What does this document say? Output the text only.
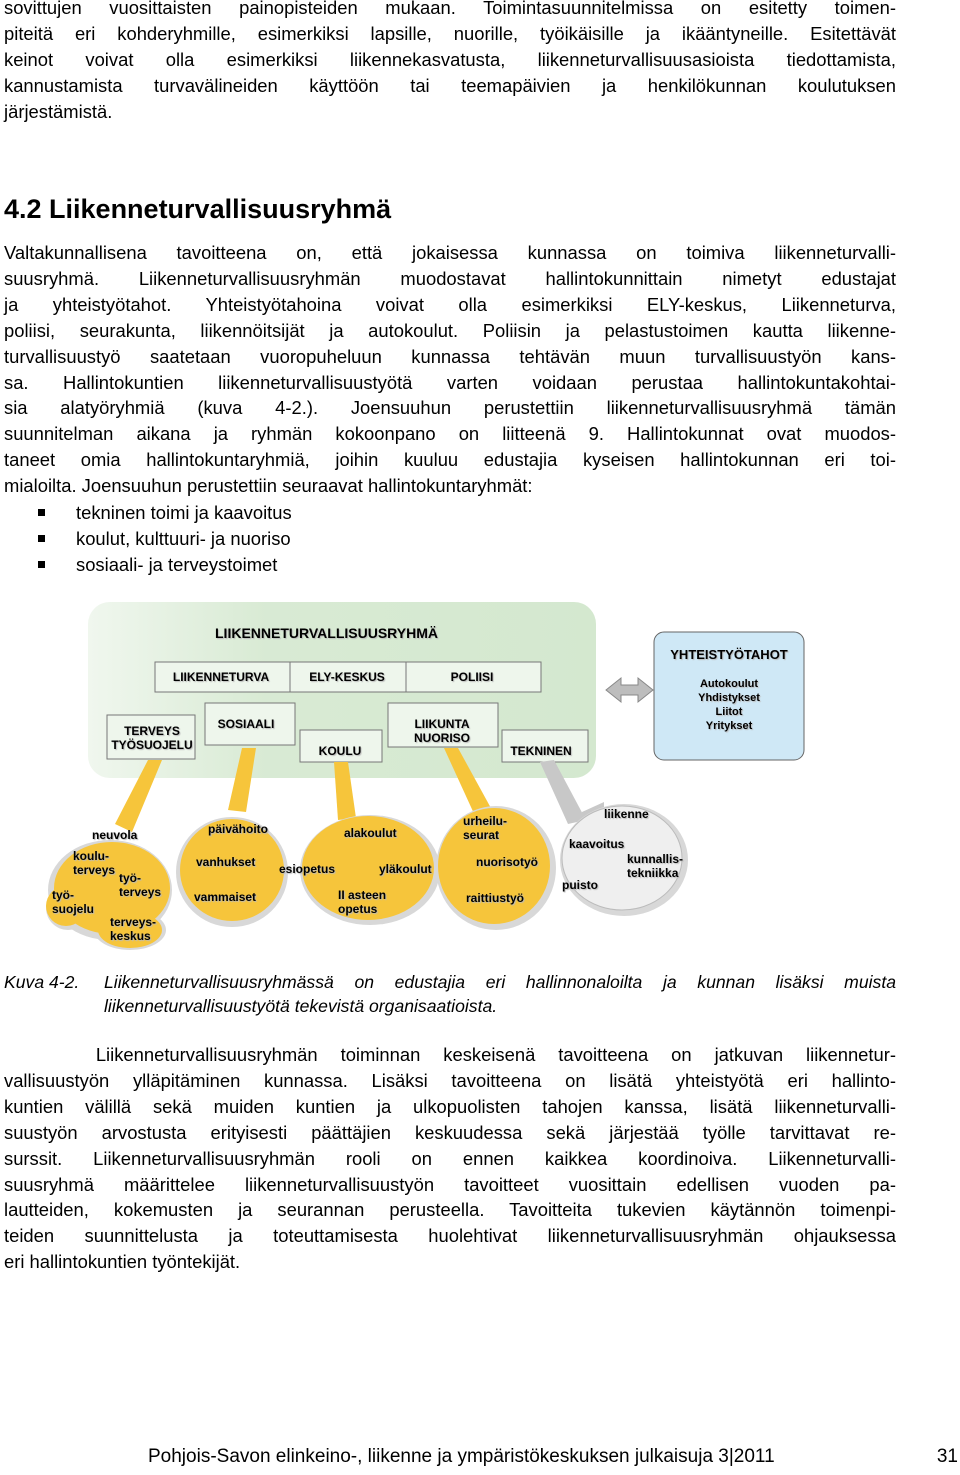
sovittujen vuosittaisten painopisteiden mukaan. Toimintasuunnitelmissa on esitetty toimen-
piteitä eri kohderyhmille, esimerkiksi lapsille, nuorille, työikäisille ja ikääntyneille. Esitettävät
keinot voivat olla esimerkiksi liikennekasvatusta, liikenneturvallisuusasioista tiedottamista,
kannustamista turvavälineiden käyttöön tai teemapäivien ja henkilökunnan koulutuksen
järjestämistä.

4.2 Liikenneturvallisuusryhmä

Valtakunnallisena tavoitteena on, että jokaisessa kunnassa on toimiva liikenneturvalli-
suusryhmä. Liikenneturvallisuusryhmän muodostavat hallintokunnittain nimetyt edustajat
ja yhteistyötahot. Yhteistyötahoina voivat olla esimerkiksi ELY-keskus, Liikenneturva,
poliisi, seurakunta, liikennöitsijät ja autokoulut. Poliisin ja pelastustoimen kautta liikenne-
turvallisuustyö saatetaan vuoropuheluun kunnassa tehtävän muun turvallisuustyön kans-
sa. Hallintokuntien liikenneturvallisuustyötä varten voidaan perustaa hallintokuntakohtai-
sia alatyöryhmiä (kuva 4-2.). Joensuuhun perustettiin liikenneturvallisuusryhmä tämän
suunnitelman aikana ja ryhmän kokoonpano on liitteenä 9. Hallintokunnat ovat muodos-
taneet omia hallintokuntaryhmiä, joihin kuuluu edustajia kyseisen hallintokunnan eri toi-
mialoilta. Joensuuhun perustettiin seuraavat hallintokuntaryhmät:

tekninen toimi ja kaavoitus
koulut, kulttuuri- ja nuoriso
sosiaali- ja terveystoimet
LIIKENNETURVALLISUUSRYHMÄ
LIIKENNETURVA	ELY-KESKUS	POLIISI
TERVEYS
TYÖSUOJELU
SOSIAALI
KOULU
LIIKUNTA
NUORISO
TEKNINEN
YHTEISTYÖTAHOT
Autokoulut
Yhdistykset
Liitot
Yritykset
neuvola
koulu-
terveys
työ-
terveys
työ-
suojelu
terveys-
keskus
päivähoito
vanhukset
vammaiset
alakoulut
esiopetus	yläkoulut
II asteen
opetus
urheilu-
seurat
nuorisotyö
raittiustyö
liikenne
kaavoitus
kunnallis-
tekniikka
puisto
Kuva 4-2. Liikenneturvallisuusryhmässä on edustajia eri hallinnonaloilta ja kunnan lisäksi muista
liikenneturvallisuustyötä tekevistä organisaatioista.

Liikenneturvallisuusryhmän toiminnan keskeisenä tavoitteena on jatkuvan liikennetur-
vallisuustyön ylläpitäminen kunnassa. Lisäksi tavoitteena on lisätä yhteistyötä eri hallinto-
kuntien välillä sekä muiden kuntien ja ulkopuolisten tahojen kanssa, lisätä liikenneturvalli-
suustyön arvostusta erityisesti päättäjien keskuudessa sekä järjestää työlle tarvittavat re-
surssit. Liikenneturvallisuusryhmän rooli on ennen kaikkea koordinoiva. Liikenneturvalli-
suusryhmä määrittelee liikenneturvallisuustyön tavoitteet vuosittain edellisen vuoden pa-
lautteiden, kokemusten ja seurannan perusteella. Tavoitteita tukevien käytännön toimenpi-
teiden suunnittelusta ja toteuttamisesta huolehtivat liikenneturvallisuusryhmän ohjauksessa
eri hallintokuntien työntekijät.

Pohjois-Savon elinkeino-, liikenne ja ympäristökeskuksen julkaisuja 3|2011	31
